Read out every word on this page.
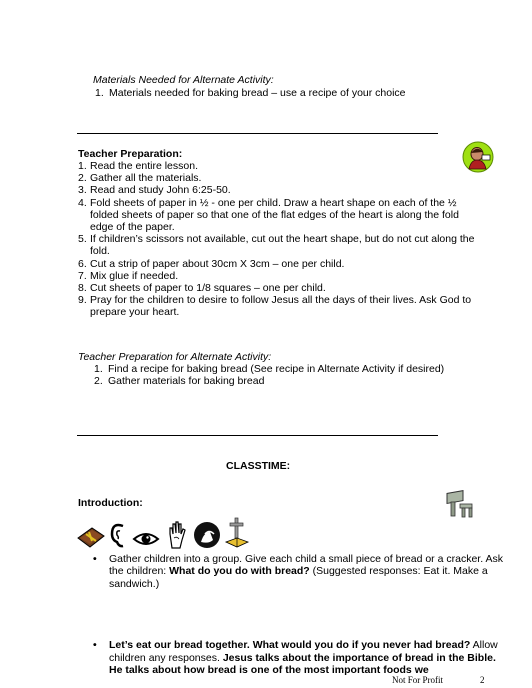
Materials Needed for Alternate Activity:
1. Materials needed for baking bread – use a recipe of your choice
Teacher Preparation:
1. Read the entire lesson.
2. Gather all the materials.
3. Read and study John 6:25-50.
4. Fold sheets of paper in ½ - one per child. Draw a heart shape on each of the ½ folded sheets of paper so that one of the flat edges of the heart is along the fold edge of the paper.
5. If children’s scissors not available, cut out the heart shape, but do not cut along the fold.
6. Cut a strip of paper about 30cm X 3cm – one per child.
7. Mix glue if needed.
8. Cut sheets of paper to 1/8 squares – one per child.
9. Pray for the children to desire to follow Jesus all the days of their lives. Ask God to prepare your heart.
Teacher Preparation for Alternate Activity:
1. Find a recipe for baking bread (See recipe in Alternate Activity if desired)
2. Gather materials for baking bread
CLASSTIME:
Introduction:
• Gather children into a group. Give each child a small piece of bread or a cracker. Ask the children: What do you do with bread? (Suggested responses: Eat it. Make a sandwich.)
• Let’s eat our bread together. What would you do if you never had bread? Allow children any responses. Jesus talks about the importance of bread in the Bible. He talks about how bread is one of the most important foods we
Not For Profit	2
